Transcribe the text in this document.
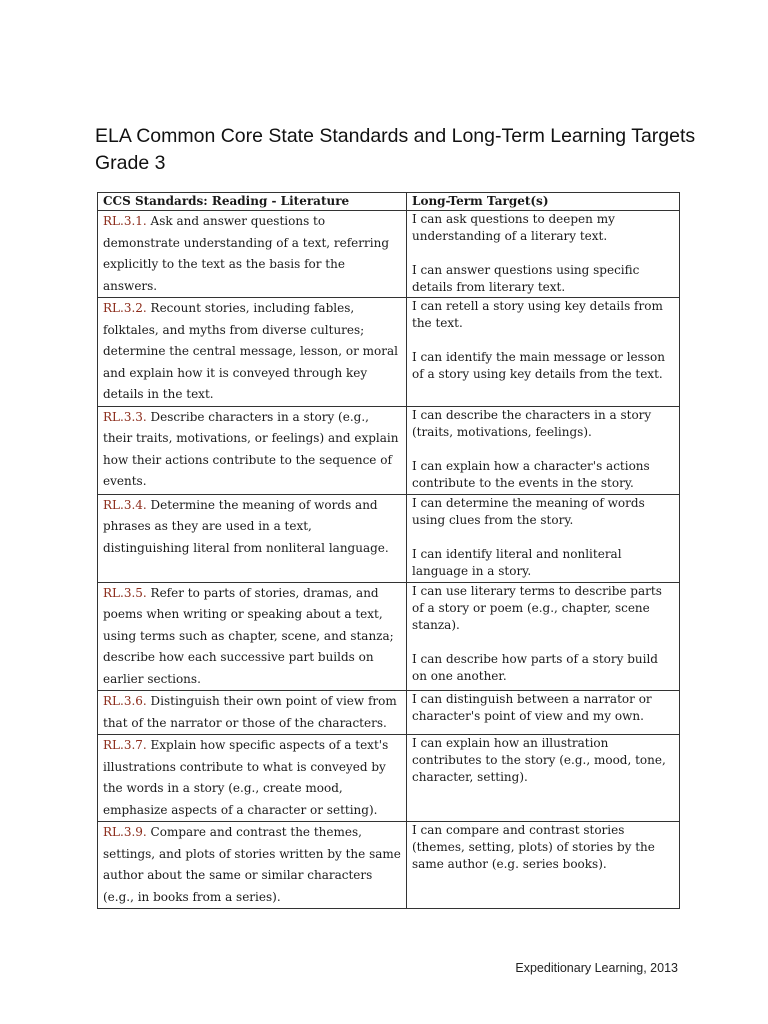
ELA Common Core State Standards and Long-Term Learning Targets
Grade 3
CCS Standards: Reading - Literature	Long-Term Target(s)
RL.3.1. Ask and answer questions to demonstrate understanding of a text, referring explicitly to the text as the basis for the answers.	I can ask questions to deepen my understanding of a literary text.

I can answer questions using specific details from literary text.

RL.3.2. Recount stories, including fables, folktales, and myths from diverse cultures; determine the central message, lesson, or moral and explain how it is conveyed through key details in the text.	I can retell a story using key details from the text.

I can identify the main message or lesson of a story using key details from the text.

RL.3.3. Describe characters in a story (e.g., their traits, motivations, or feelings) and explain how their actions contribute to the sequence of events.	I can describe the characters in a story (traits, motivations, feelings).

I can explain how a character's actions contribute to the events in the story.

RL.3.4. Determine the meaning of words and phrases as they are used in a text, distinguishing literal from nonliteral language.	I can determine the meaning of words using clues from the story.

I can identify literal and nonliteral language in a story.

RL.3.5. Refer to parts of stories, dramas, and poems when writing or speaking about a text, using terms such as chapter, scene, and stanza; describe how each successive part builds on earlier sections.	I can use literary terms to describe parts of a story or poem (e.g., chapter, scene stanza).

I can describe how parts of a story build on one another.

RL.3.6. Distinguish their own point of view from that of the narrator or those of the characters.	I can distinguish between a narrator or character's point of view and my own.

RL.3.7. Explain how specific aspects of a text's illustrations contribute to what is conveyed by the words in a story (e.g., create mood, emphasize aspects of a character or setting).	I can explain how an illustration contributes to the story (e.g., mood, tone, character, setting).

RL.3.9. Compare and contrast the themes, settings, and plots of stories written by the same author about the same or similar characters (e.g., in books from a series).	I can compare and contrast stories (themes, setting, plots) of stories by the same author (e.g. series books).

Expeditionary Learning, 2013
